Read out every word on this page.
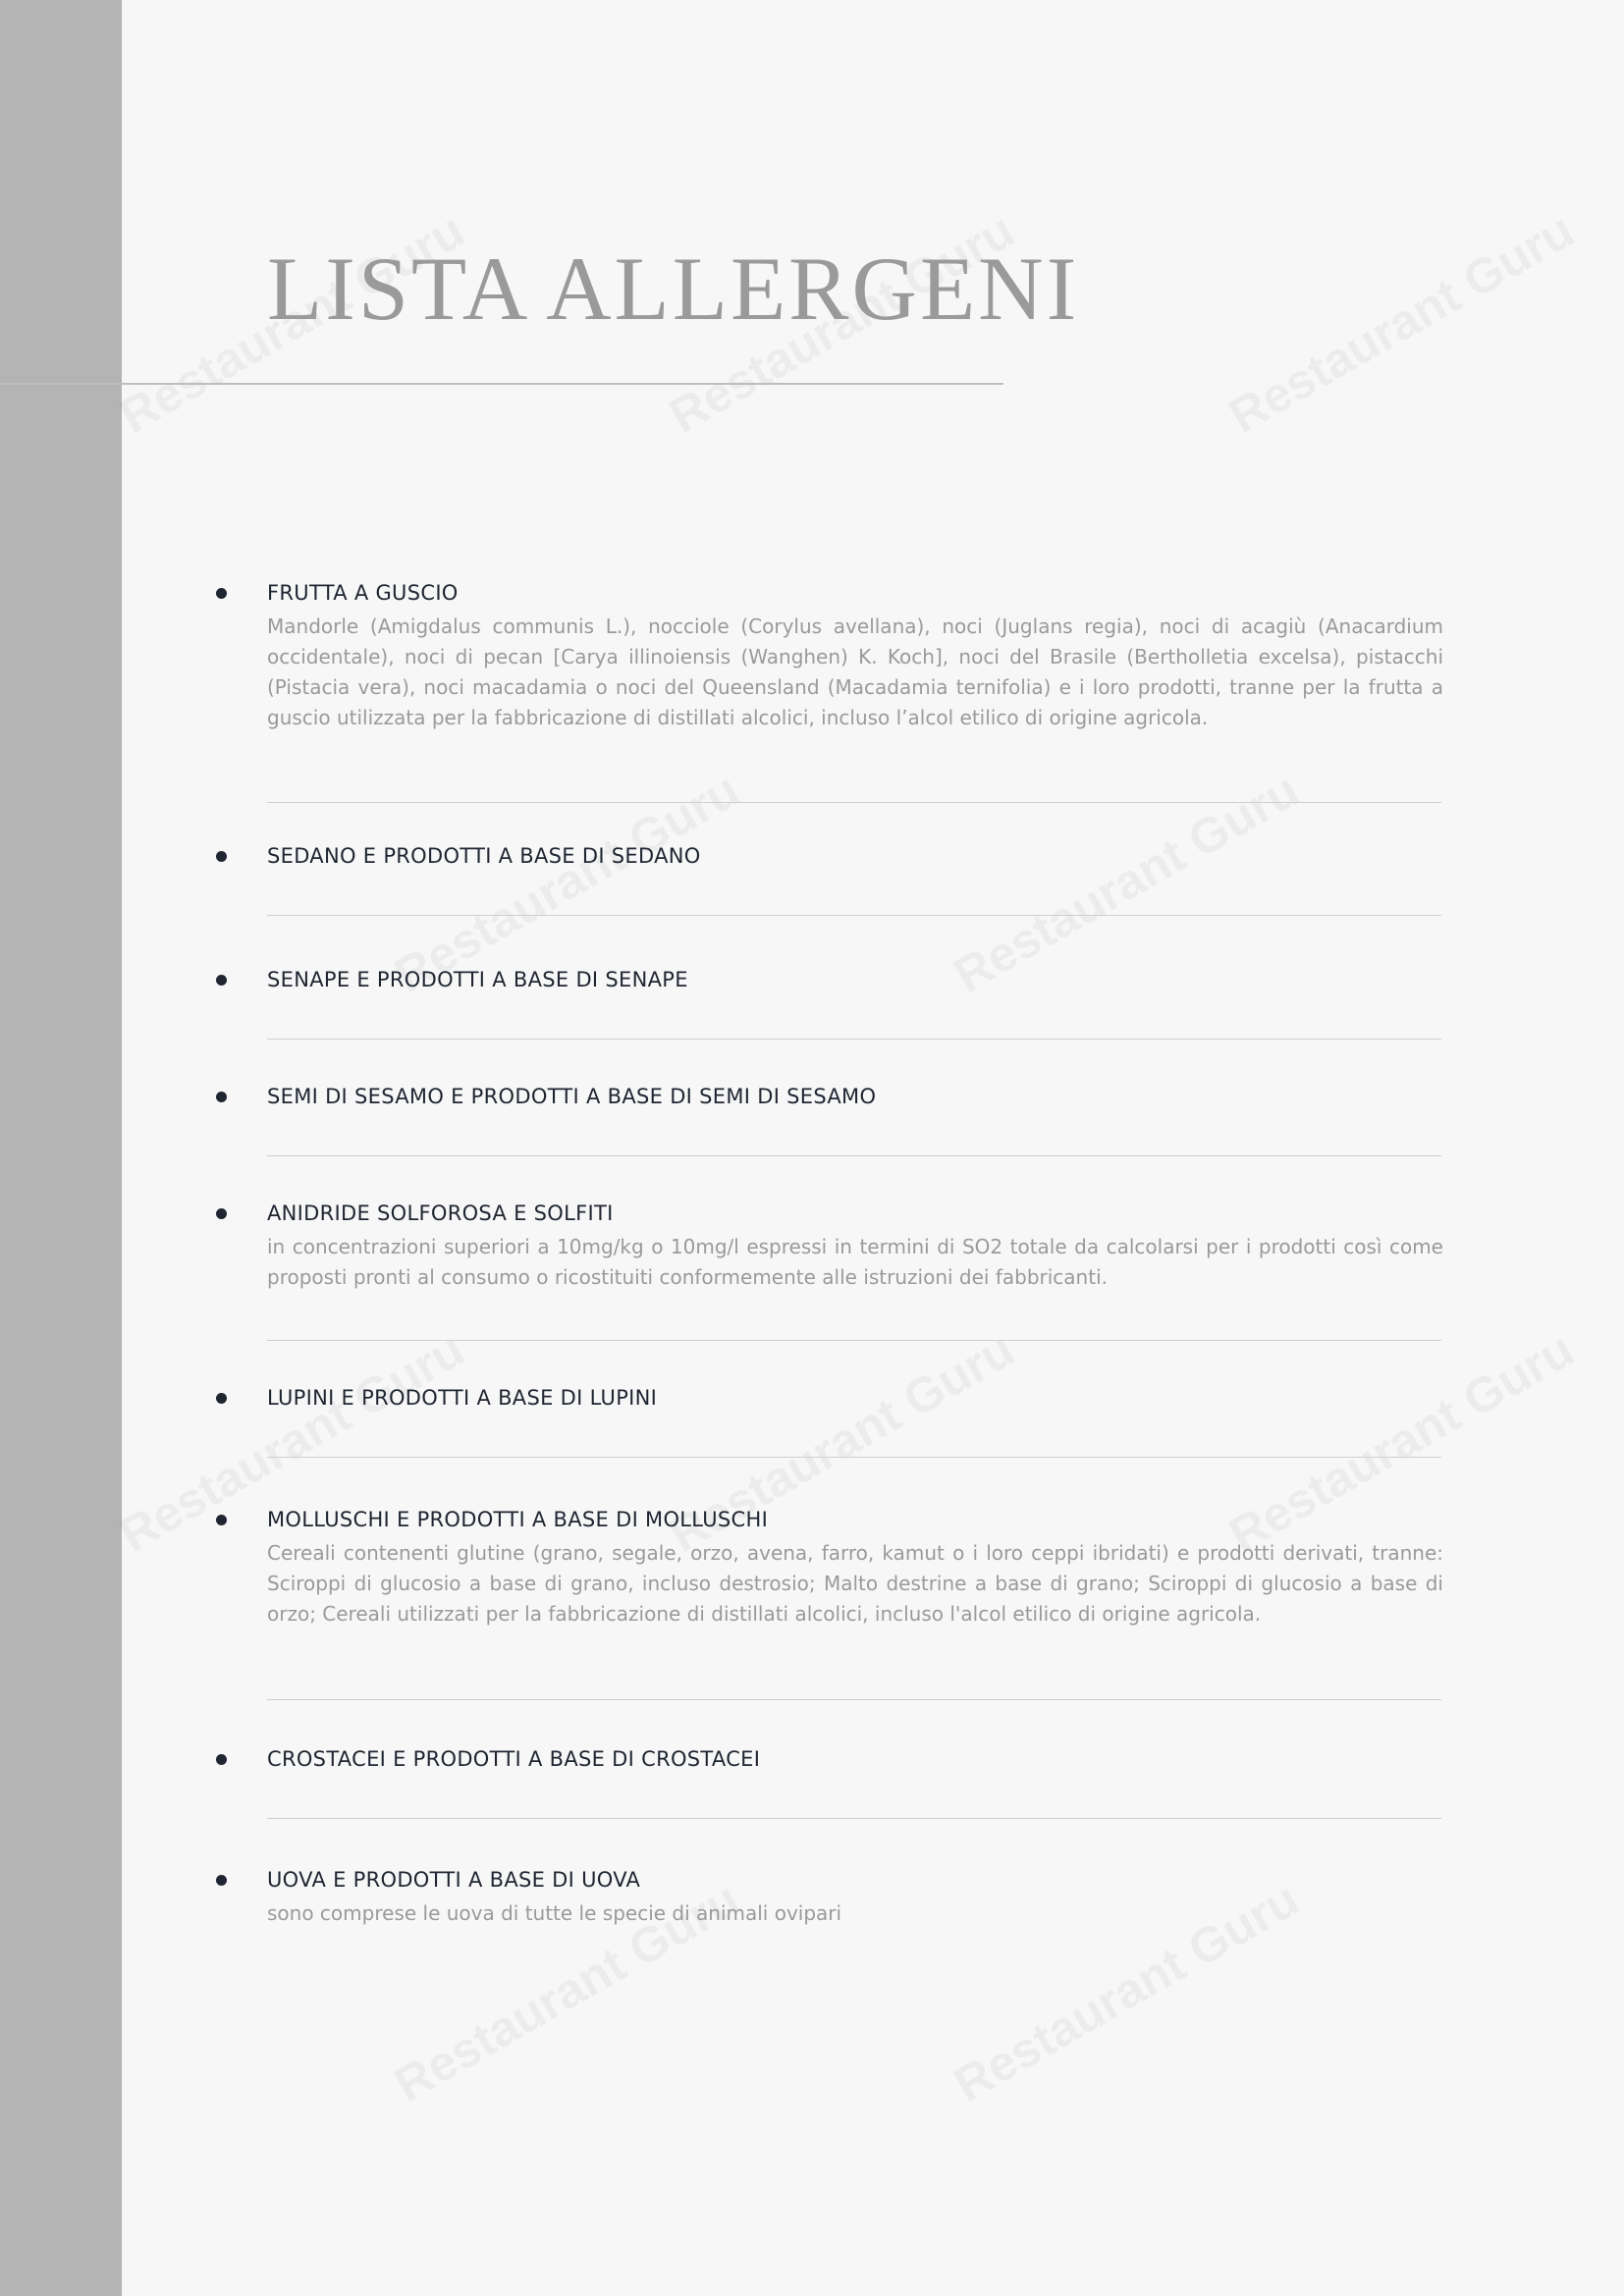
LISTA ALLERGENI
FRUTTA A GUSCIO

Mandorle (Amigdalus communis L.), nocciole (Corylus avellana), noci (Juglans regia), noci di acagiù (Anacardium occidentale), noci di pecan [Carya illinoiensis (Wanghen) K. Koch], noci del Brasile (Bertholletia excelsa), pistacchi (Pistacia vera), noci macadamia o noci del Queensland (Macadamia ternifolia) e i loro prodotti, tranne per la frutta a guscio utilizzata per la fabbricazione di distillati alcolici, incluso l’alcol etilico di origine agricola.

SEDANO E PRODOTTI A BASE DI SEDANO
SENAPE E PRODOTTI A BASE DI SENAPE
SEMI DI SESAMO E PRODOTTI A BASE DI SEMI DI SESAMO
ANIDRIDE SOLFOROSA E SOLFITI

in concentrazioni superiori a 10mg/kg o 10mg/l espressi in termini di SO2 totale da calcolarsi per i prodotti così come proposti pronti al consumo o ricostituiti conformemente alle istruzioni dei fabbricanti.

LUPINI E PRODOTTI A BASE DI LUPINI
MOLLUSCHI E PRODOTTI A BASE DI MOLLUSCHI

Cereali contenenti glutine (grano, segale, orzo, avena, farro, kamut o i loro ceppi ibridati) e prodotti derivati, tranne: Sciroppi di glucosio a base di grano, incluso destrosio; Malto destrine a base di grano; Sciroppi di glucosio a base di orzo; Cereali utilizzati per la fabbricazione di distillati alcolici, incluso l'alcol etilico di origine agricola.

CROSTACEI E PRODOTTI A BASE DI CROSTACEI
UOVA E PRODOTTI A BASE DI UOVA

sono comprese le uova di tutte le specie di animali ovipari
